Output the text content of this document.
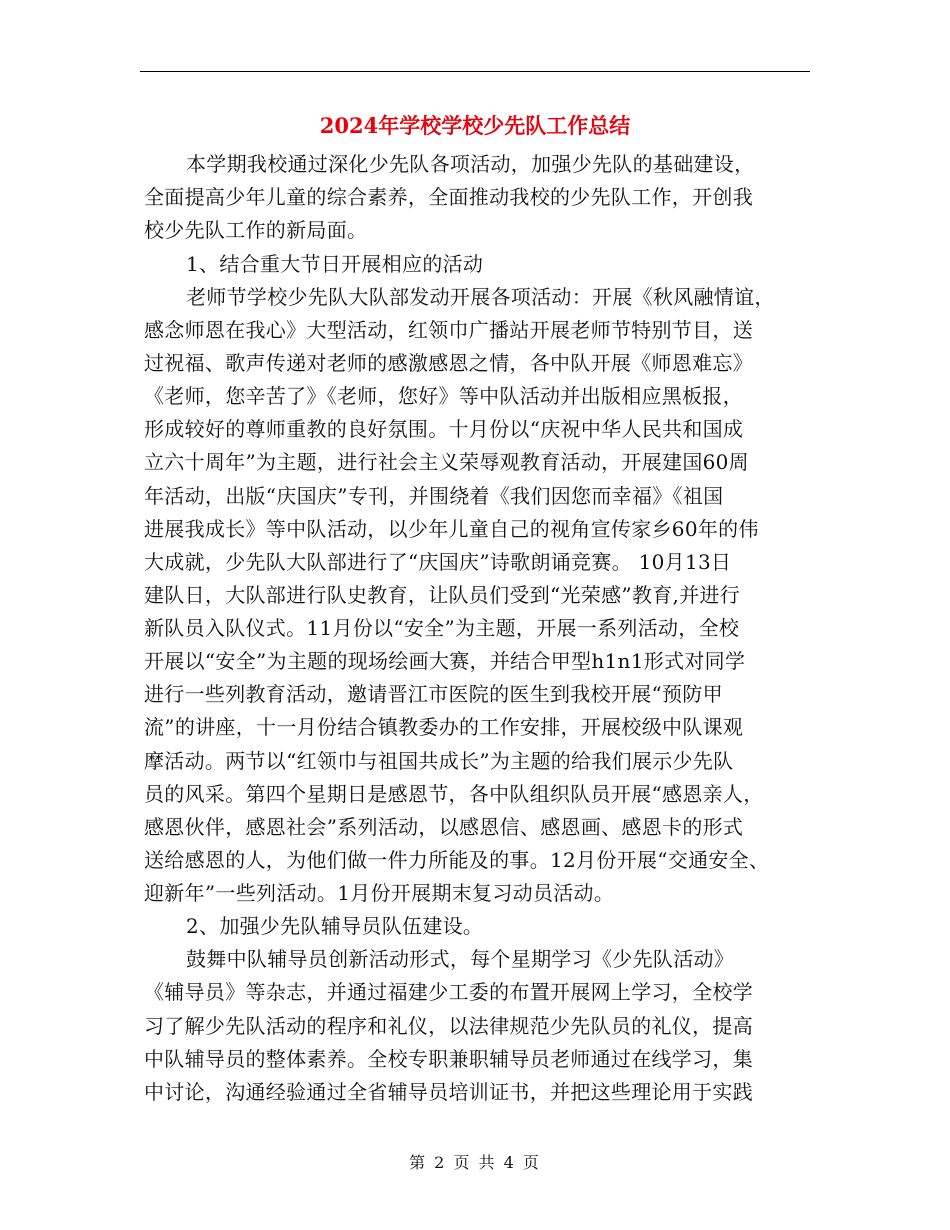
2024年学校学校少先队工作总结
本学期我校通过深化少先队各项活动，加强少先队的基础建设，
全面提高少年儿童的综合素养，全面推动我校的少先队工作，开创我
校少先队工作的新局面。
1、结合重大节日开展相应的活动
老师节学校少先队大队部发动开展各项活动：开展《秋风融情谊，
感念师恩在我心》大型活动，红领巾广播站开展老师节特别节目，送
过祝福、歌声传递对老师的感激感恩之情，各中队开展《师恩难忘》
《老师，您辛苦了》《老师，您好》等中队活动并出版相应黑板报，
形成较好的尊师重教的良好氛围。十月份以“庆祝中华人民共和国成
立六十周年”为主题，进行社会主义荣辱观教育活动，开展建国60周
年活动，出版“庆国庆”专刊，并围绕着《我们因您而幸福》《祖国
进展我成长》等中队活动，以少年儿童自己的视角宣传家乡60年的伟
大成就，少先队大队部进行了“庆国庆”诗歌朗诵竞赛。 10月13日
建队日，大队部进行队史教育，让队员们受到“光荣感”教育,并进行
新队员入队仪式。11月份以“安全”为主题，开展一系列活动，全校
开展以“安全”为主题的现场绘画大赛，并结合甲型h1n1形式对同学
进行一些列教育活动，邀请晋江市医院的医生到我校开展“预防甲
流”的讲座，十一月份结合镇教委办的工作安排，开展校级中队课观
摩活动。两节以“红领巾与祖国共成长”为主题的给我们展示少先队
员的风采。第四个星期日是感恩节，各中队组织队员开展“感恩亲人，
感恩伙伴，感恩社会”系列活动，以感恩信、感恩画、感恩卡的形式
送给感恩的人，为他们做一件力所能及的事。12月份开展“交通安全、
迎新年”一些列活动。1月份开展期末复习动员活动。
2、加强少先队辅导员队伍建设。
鼓舞中队辅导员创新活动形式，每个星期学习《少先队活动》
《辅导员》等杂志，并通过福建少工委的布置开展网上学习，全校学
习了解少先队活动的程序和礼仪，以法律规范少先队员的礼仪，提高
中队辅导员的整体素养。全校专职兼职辅导员老师通过在线学习，集
中讨论，沟通经验通过全省辅导员培训证书，并把这些理论用于实践
第 2 页 共 4 页
